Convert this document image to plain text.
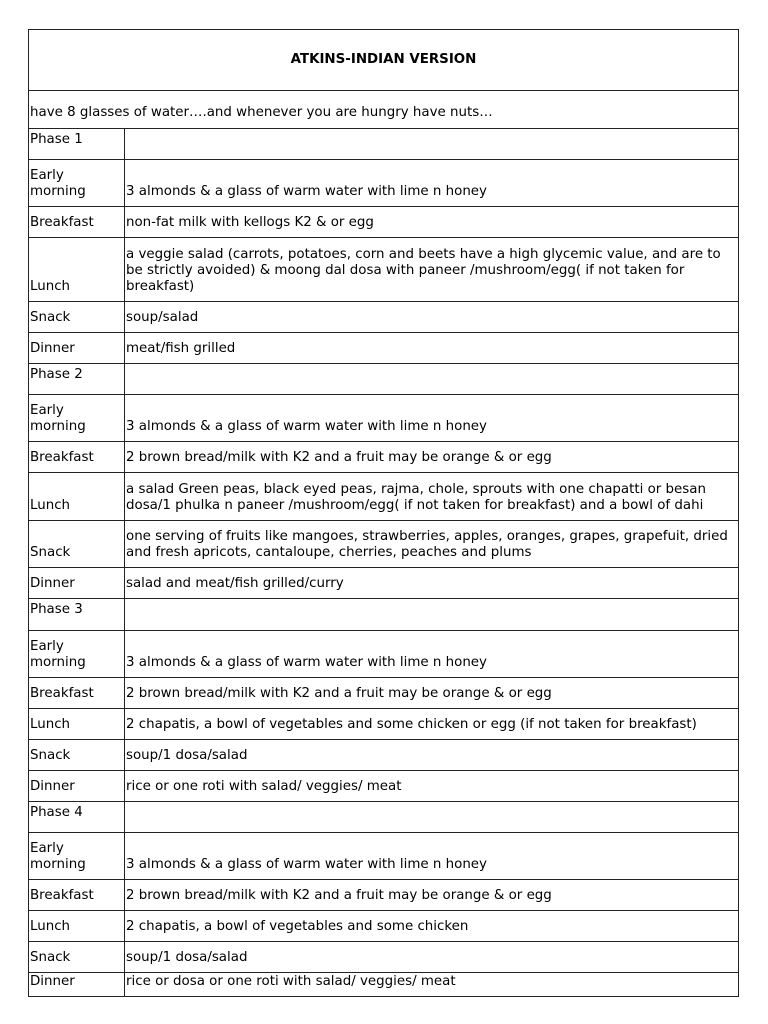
ATKINS-INDIAN VERSION	
have 8 glasses of water….and whenever you are hungry have nuts…	
Phase 1	
Early morning	3 almonds & a glass of warm water with lime n honey
Breakfast	non-fat milk with kellogs K2 & or egg
Lunch	a veggie salad (carrots, potatoes, corn and beets have a high glycemic value, and are to be strictly avoided) & moong dal dosa with paneer /mushroom/egg( if not taken for breakfast)
Snack	soup/salad
Dinner	meat/fish grilled
Phase 2	
Early morning	3 almonds & a glass of warm water with lime n honey
Breakfast	2 brown bread/milk with K2 and a fruit may be orange & or egg
Lunch	a salad Green peas, black eyed peas, rajma, chole, sprouts with one chapatti or besan dosa/1 phulka n paneer /mushroom/egg( if not taken for breakfast) and a bowl of dahi
Snack	one serving of fruits like mangoes, strawberries, apples, oranges, grapes, grapefuit, dried and fresh apricots, cantaloupe, cherries, peaches and plums
Dinner	salad and meat/fish grilled/curry
Phase 3	
Early morning	3 almonds & a glass of warm water with lime n honey
Breakfast	2 brown bread/milk with K2 and a fruit may be orange & or egg
Lunch	2 chapatis, a bowl of vegetables and some chicken or egg (if not taken for breakfast)
Snack	soup/1 dosa/salad
Dinner	rice or one roti with salad/ veggies/ meat
Phase 4	
Early morning	3 almonds & a glass of warm water with lime n honey
Breakfast	2 brown bread/milk with K2 and a fruit may be orange & or egg
Lunch	2 chapatis, a bowl of vegetables and some chicken
Snack	soup/1 dosa/salad
Dinner	rice or dosa or one roti with salad/ veggies/ meat
